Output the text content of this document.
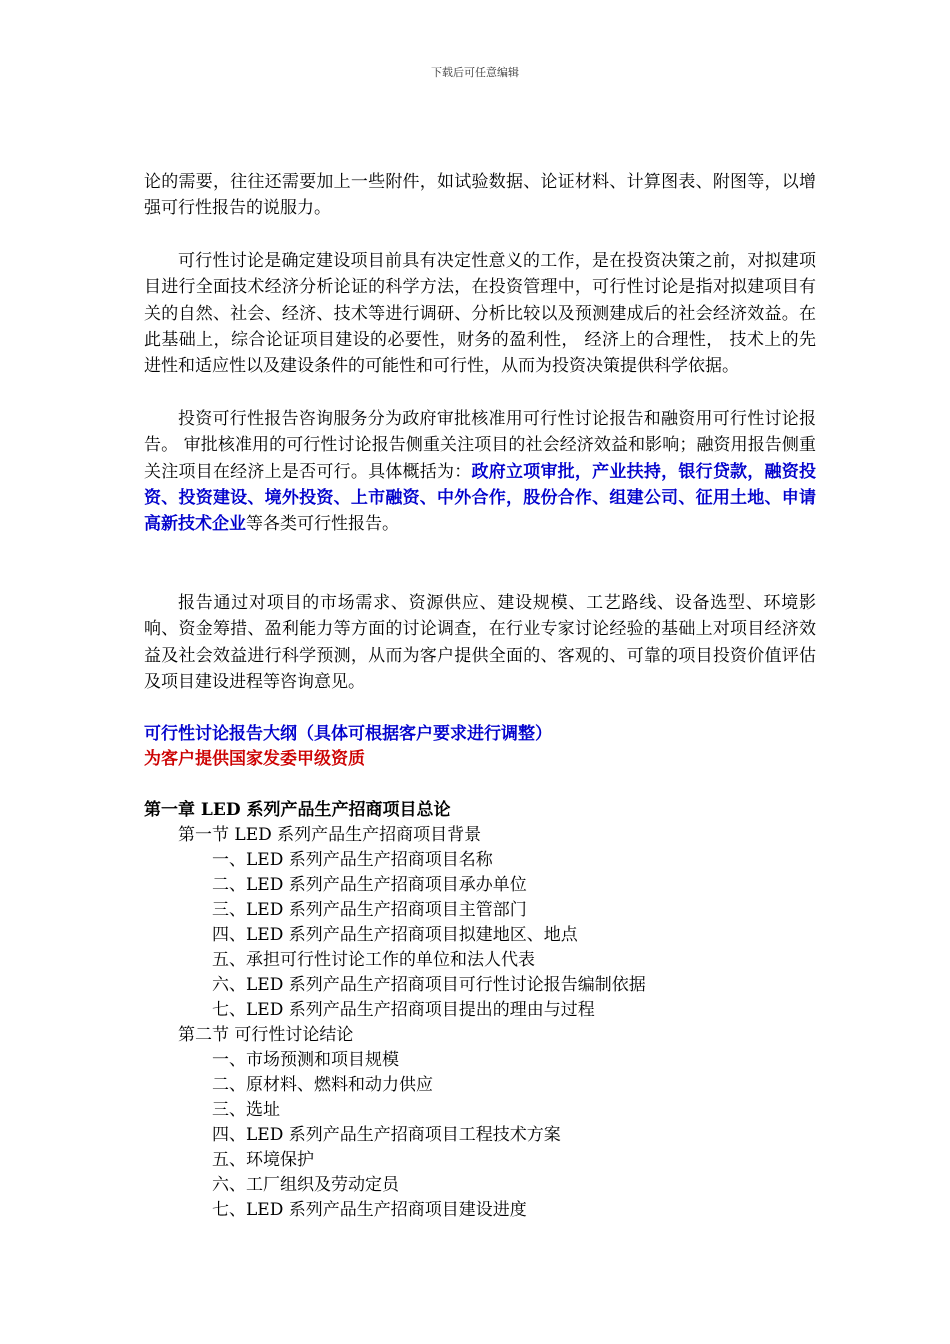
下载后可任意编辑

论的需要，往往还需要加上一些附件，如试验数据、论证材料、计算图表、附图等，以增强可行性报告的说服力。

可行性讨论是确定建设项目前具有决定性意义的工作，是在投资决策之前，对拟建项目进行全面技术经济分析论证的科学方法，在投资管理中，可行性讨论是指对拟建项目有关的自然、社会、经济、技术等进行调研、分析比较以及预测建成后的社会经济效益。在此基础上，综合论证项目建设的必要性，财务的盈利性， 经济上的合理性， 技术上的先进性和适应性以及建设条件的可能性和可行性，从而为投资决策提供科学依据。

投资可行性报告咨询服务分为政府审批核准用可行性讨论报告和融资用可行性讨论报告。 审批核准用的可行性讨论报告侧重关注项目的社会经济效益和影响；融资用报告侧重关注项目在经济上是否可行。具体概括为：政府立项审批，产业扶持，银行贷款，融资投资、投资建设、境外投资、上市融资、中外合作，股份合作、组建公司、征用土地、申请高新技术企业等各类可行性报告。

报告通过对项目的市场需求、资源供应、建设规模、工艺路线、设备选型、环境影响、资金筹措、盈利能力等方面的讨论调查，在行业专家讨论经验的基础上对项目经济效益及社会效益进行科学预测，从而为客户提供全面的、客观的、可靠的项目投资价值评估及项目建设进程等咨询意见。

可行性讨论报告大纲（具体可根据客户要求进行调整）

为客户提供国家发委甲级资质

第一章 LED 系列产品生产招商项目总论

第一节 LED 系列产品生产招商项目背景

一、LED 系列产品生产招商项目名称

二、LED 系列产品生产招商项目承办单位

三、LED 系列产品生产招商项目主管部门

四、LED 系列产品生产招商项目拟建地区、地点

五、承担可行性讨论工作的单位和法人代表

六、LED 系列产品生产招商项目可行性讨论报告编制依据

七、LED 系列产品生产招商项目提出的理由与过程

第二节 可行性讨论结论

一、市场预测和项目规模

二、原材料、燃料和动力供应

三、选址

四、LED 系列产品生产招商项目工程技术方案

五、环境保护

六、工厂组织及劳动定员

七、LED 系列产品生产招商项目建设进度
